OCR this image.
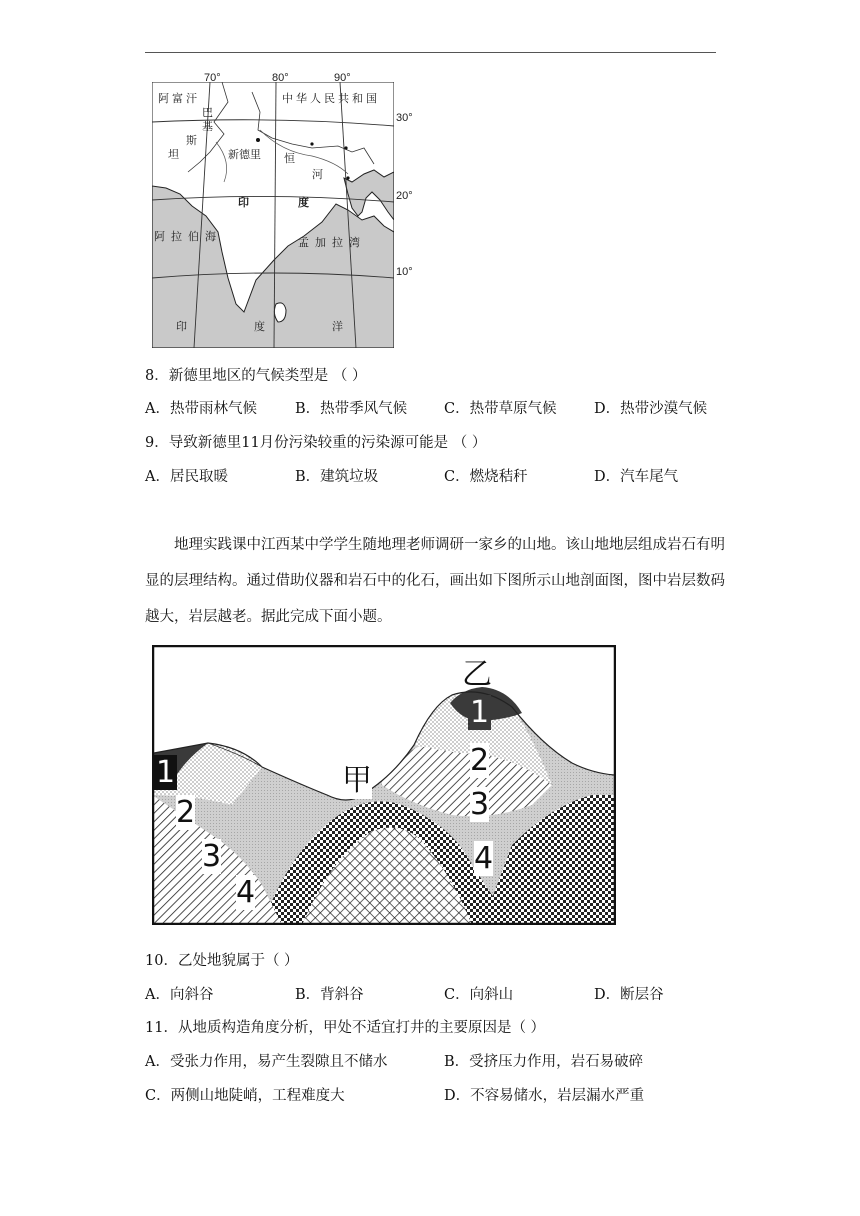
70°	80°	90°
30°
20°
10°
阿富汗
巴
基
斯
坦
中华人民共和国
新德里 恒
河
印	度
阿拉伯海	孟加拉湾
印	度	洋
8．新德里地区的气候类型是 （ ）
A．热带雨林气候	B．热带季风气候	C．热带草原气候	D．热带沙漠气候
9．导致新德里11月份污染较重的污染源可能是 （ ）
A．居民取暖	B．建筑垃圾	C．燃烧秸秆	D．汽车尾气

地理实践课中江西某中学学生随地理老师调研一家乡的山地。该山地地层组成岩石有明显的层理结构。通过借助仪器和岩石中的化石，画出如下图所示山地剖面图，图中岩层数码越大，岩层越老。据此完成下面小题。

乙
甲
1
2
3
4
1
2
3
4
10．乙处地貌属于（ ）
A．向斜谷	B．背斜谷	C．向斜山	D．断层谷
11．从地质构造角度分析，甲处不适宜打井的主要原因是（ ）
A．受张力作用，易产生裂隙且不储水	B．受挤压力作用，岩石易破碎
C．两侧山地陡峭，工程难度大	D．不容易储水，岩层漏水严重
